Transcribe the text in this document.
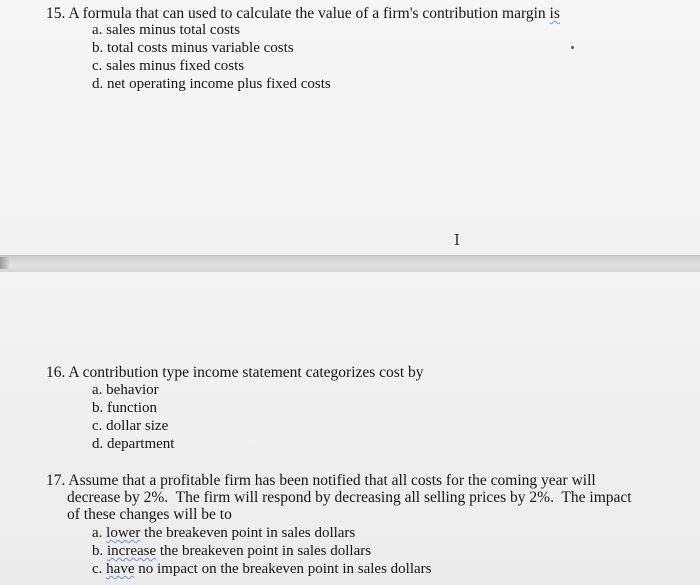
15. A formula that can used to calculate the value of a firm's contribution margin is
a. sales minus total costs
b. total costs minus variable costs
c. sales minus fixed costs
d. net operating income plus fixed costs
I
16. A contribution type income statement categorizes cost by
a. behavior
b. function
c. dollar size
d. department
17. Assume that a profitable firm has been notified that all costs for the coming year will
decrease by 2%.  The firm will respond by decreasing all selling prices by 2%.  The impact
of these changes will be to
a. lower the breakeven point in sales dollars
b. increase the breakeven point in sales dollars
c. have no impact on the breakeven point in sales dollars
